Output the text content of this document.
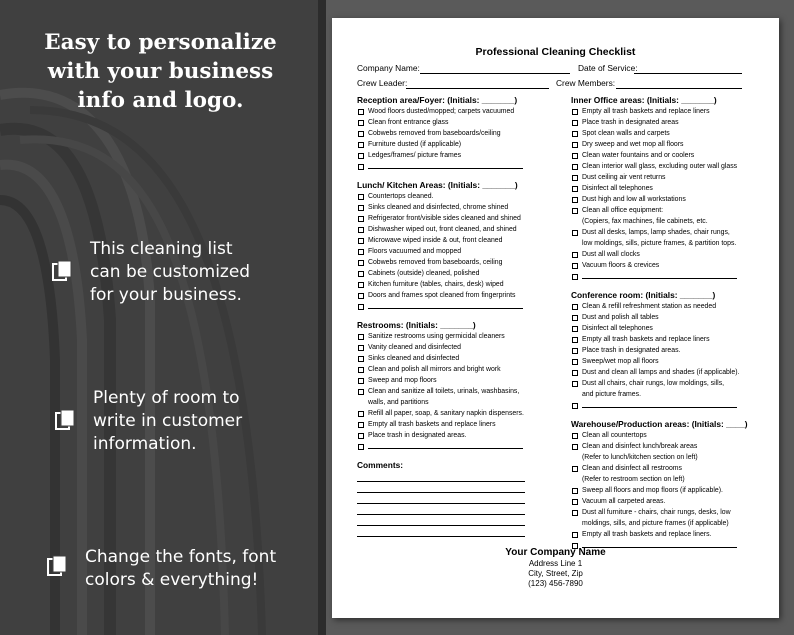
Easy to personalize
with your business
info and logo.
This cleaning list
can be customized
for your business.
Plenty of room to
write in customer
information.
Change the fonts, font
colors & everything!
Professional Cleaning Checklist
Company Name:	Date of Service:
Crew Leader:	Crew Members:
Reception area/Foyer: (Initials: _______)
Wood floors dusted/mopped; carpets vacuumed
Clean front entrance glass
Cobwebs removed from baseboards/ceiling
Furniture dusted (if applicable)
Ledges/frames/ picture frames
Lunch/ Kitchen Areas: (Initials: _______)
Countertops cleaned.
Sinks cleaned and disinfected, chrome shined
Refrigerator front/visible sides cleaned and shined
Dishwasher wiped out, front cleaned, and shined
Microwave wiped inside & out, front cleaned
Floors vacuumed and mopped
Cobwebs removed from baseboards, ceiling
Cabinets (outside) cleaned, polished
Kitchen furniture (tables, chairs, desk) wiped
Doors and frames spot cleaned from fingerprints
Restrooms: (Initials: _______)
Sanitize restrooms using germicidal cleaners
Vanity cleaned and disinfected
Sinks cleaned and disinfected
Clean and polish all mirrors and bright work
Sweep and mop floors
Clean and sanitize all toilets, urinals, washbasins,
walls, and partitions
Refill all paper, soap, & sanitary napkin dispensers.
Empty all trash baskets and replace liners
Place trash in designated areas.
Comments:
Inner Office areas: (Initials: _______)
Empty all trash baskets and replace liners
Place trash in designated areas
Spot clean walls and carpets
Dry sweep and wet mop all floors
Clean water fountains and or coolers
Clean interior wall glass, excluding outer wall glass
Dust ceiling air vent returns
Disinfect all telephones
Dust high and low all workstations
Clean all office equipment:
(Copiers, fax machines, file cabinets, etc.
Dust all desks, lamps, lamp shades, chair rungs,
low moldings, sills, picture frames, & partition tops.
Dust all wall clocks
Vacuum floors & crevices
Conference room: (Initials: _______)
Clean & refill refreshment station as needed
Dust and polish all tables
Disinfect all telephones
Empty all trash baskets and replace liners
Place trash in designated areas.
Sweep/wet mop all floors
Dust and clean all lamps and shades (if applicable).
Dust all chairs, chair rungs, low moldings, sills,
and picture frames.
Warehouse/Production areas: (Initials: ____)
Clean all countertops
Clean and disinfect lunch/break areas
(Refer to lunch/kitchen section on left)
Clean and disinfect all restrooms
(Refer to restroom section on left)
Sweep all floors and mop floors (if applicable).
Vacuum all carpeted areas.
Dust all furniture - chairs, chair rungs, desks, low
moldings, sills, and picture frames (if applicable)
Empty all trash baskets and replace liners.
Your Company Name
Address Line 1
City, Street, Zip
(123) 456-7890
